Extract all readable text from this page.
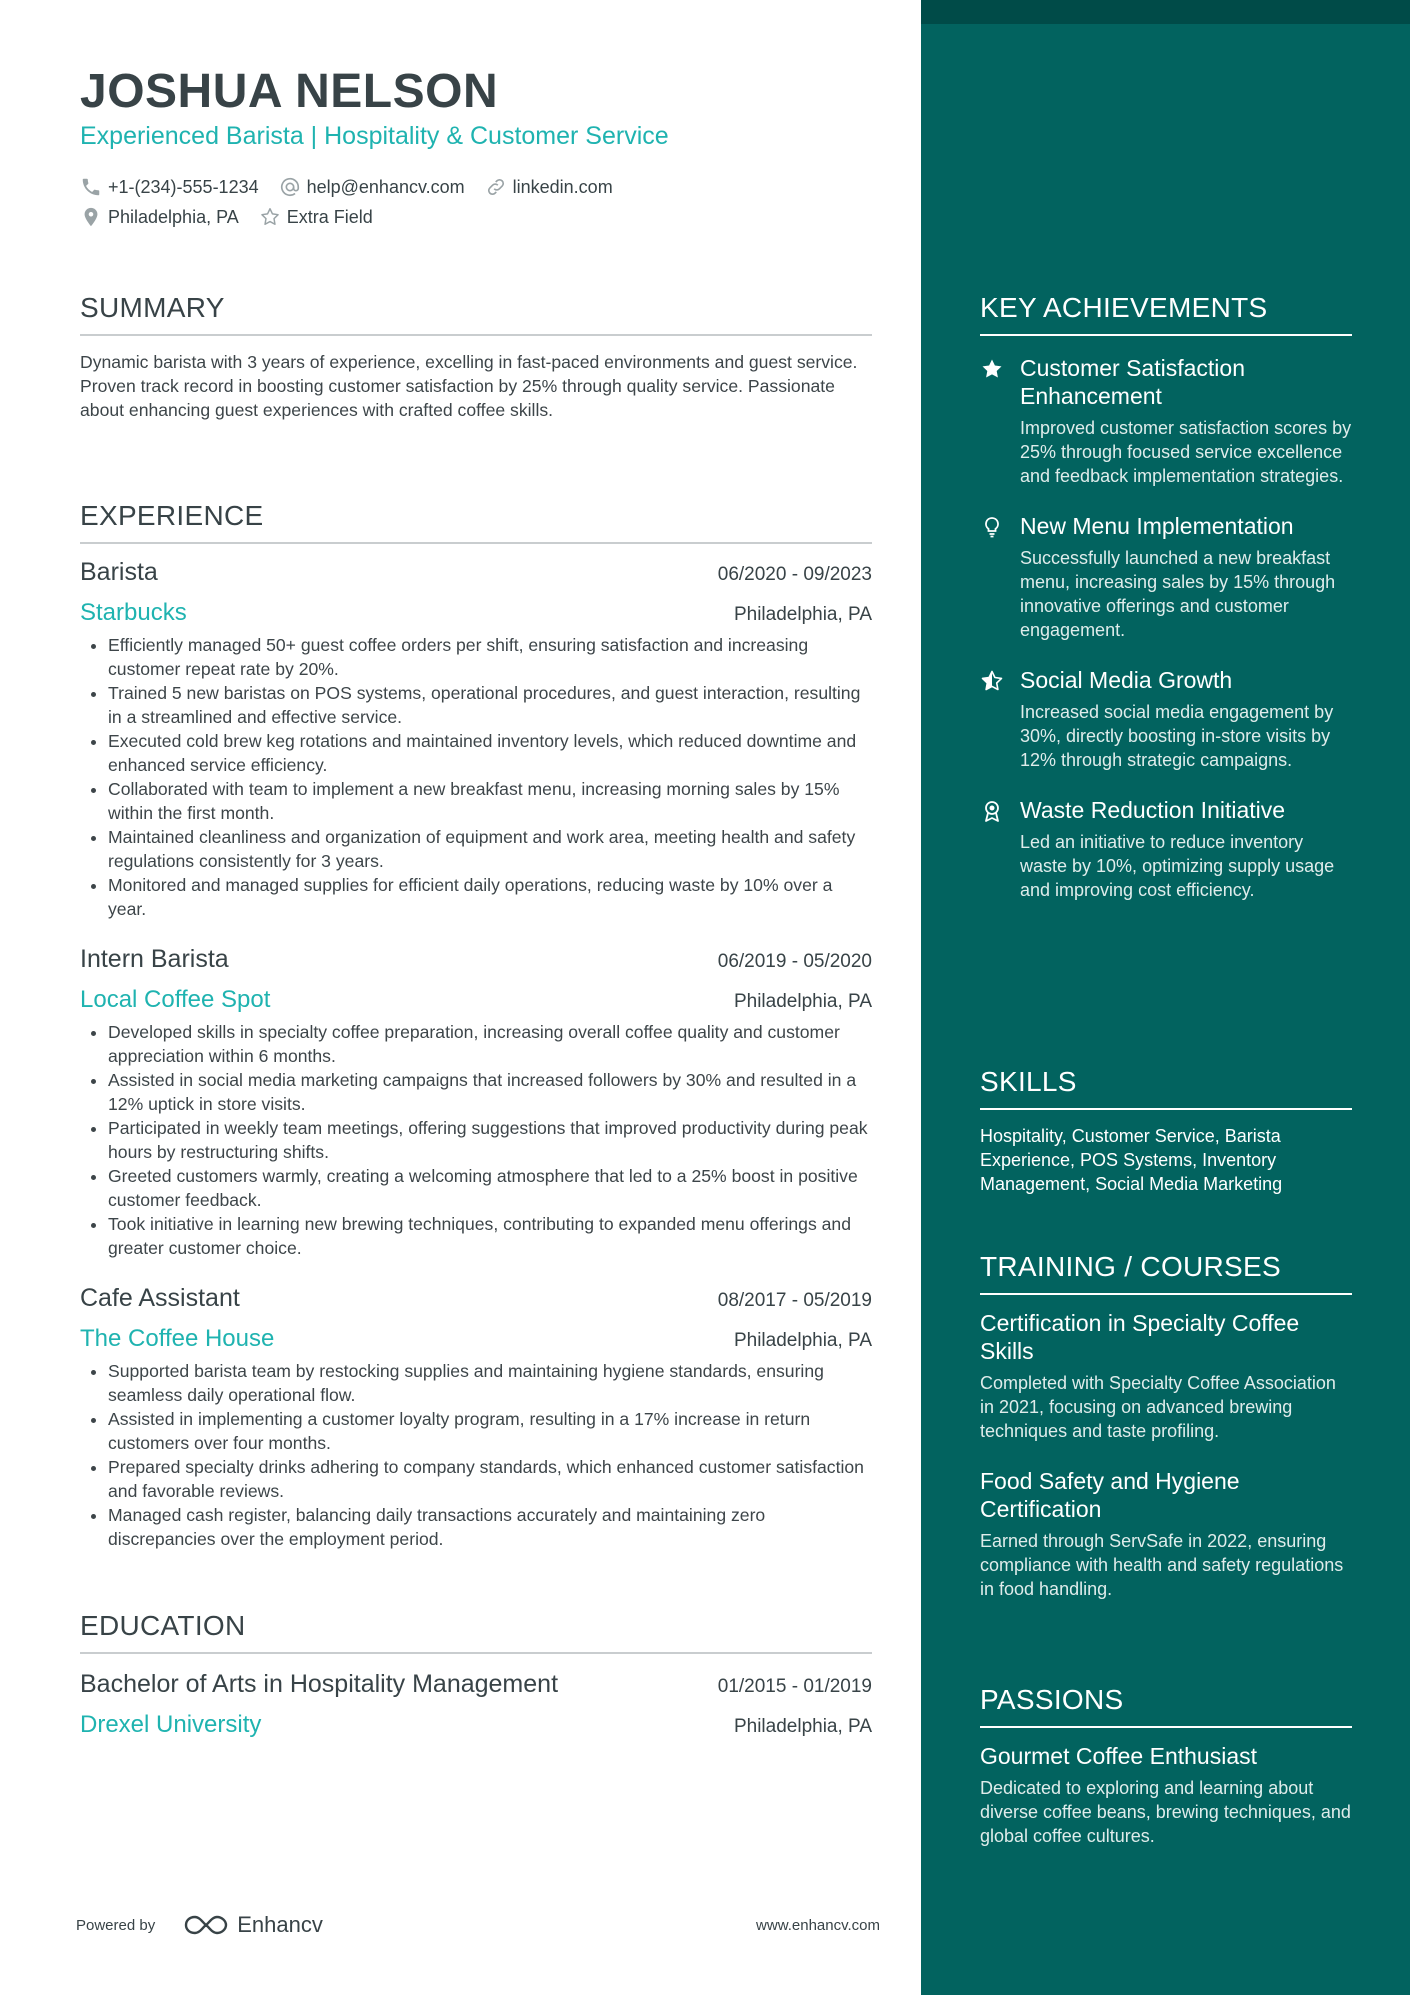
JOSHUA NELSON
Experienced Barista | Hospitality & Customer Service
+1-(234)-555-1234	help@enhancv.com	linkedin.com
Philadelphia, PA	Extra Field
SUMMARY
Dynamic barista with 3 years of experience, excelling in fast-paced environments and guest service. Proven track record in boosting customer satisfaction by 25% through quality service. Passionate about enhancing guest experiences with crafted coffee skills.
EXPERIENCE
Barista	06/2020 - 09/2023
Starbucks	Philadelphia, PA
• Efficiently managed 50+ guest coffee orders per shift, ensuring satisfaction and increasing customer repeat rate by 20%.
• Trained 5 new baristas on POS systems, operational procedures, and guest interaction, resulting in a streamlined and effective service.
• Executed cold brew keg rotations and maintained inventory levels, which reduced downtime and enhanced service efficiency.
• Collaborated with team to implement a new breakfast menu, increasing morning sales by 15% within the first month.
• Maintained cleanliness and organization of equipment and work area, meeting health and safety regulations consistently for 3 years.
• Monitored and managed supplies for efficient daily operations, reducing waste by 10% over a year.
Intern Barista	06/2019 - 05/2020
Local Coffee Spot	Philadelphia, PA
• Developed skills in specialty coffee preparation, increasing overall coffee quality and customer appreciation within 6 months.
• Assisted in social media marketing campaigns that increased followers by 30% and resulted in a 12% uptick in store visits.
• Participated in weekly team meetings, offering suggestions that improved productivity during peak hours by restructuring shifts.
• Greeted customers warmly, creating a welcoming atmosphere that led to a 25% boost in positive customer feedback.
• Took initiative in learning new brewing techniques, contributing to expanded menu offerings and greater customer choice.
Cafe Assistant	08/2017 - 05/2019
The Coffee House	Philadelphia, PA
• Supported barista team by restocking supplies and maintaining hygiene standards, ensuring seamless daily operational flow.
• Assisted in implementing a customer loyalty program, resulting in a 17% increase in return customers over four months.
• Prepared specialty drinks adhering to company standards, which enhanced customer satisfaction and favorable reviews.
• Managed cash register, balancing daily transactions accurately and maintaining zero discrepancies over the employment period.
EDUCATION
Bachelor of Arts in Hospitality Management	01/2015 - 01/2019
Drexel University	Philadelphia, PA
Powered by	Enhancv	www.enhancv.com
KEY ACHIEVEMENTS
Customer Satisfaction Enhancement
Improved customer satisfaction scores by 25% through focused service excellence and feedback implementation strategies.
New Menu Implementation
Successfully launched a new breakfast menu, increasing sales by 15% through innovative offerings and customer engagement.
Social Media Growth
Increased social media engagement by 30%, directly boosting in-store visits by 12% through strategic campaigns.
Waste Reduction Initiative
Led an initiative to reduce inventory waste by 10%, optimizing supply usage and improving cost efficiency.
SKILLS
Hospitality, Customer Service, Barista Experience, POS Systems, Inventory Management, Social Media Marketing
TRAINING / COURSES
Certification in Specialty Coffee Skills
Completed with Specialty Coffee Association in 2021, focusing on advanced brewing techniques and taste profiling.
Food Safety and Hygiene Certification
Earned through ServSafe in 2022, ensuring compliance with health and safety regulations in food handling.
PASSIONS
Gourmet Coffee Enthusiast
Dedicated to exploring and learning about diverse coffee beans, brewing techniques, and global coffee cultures.
